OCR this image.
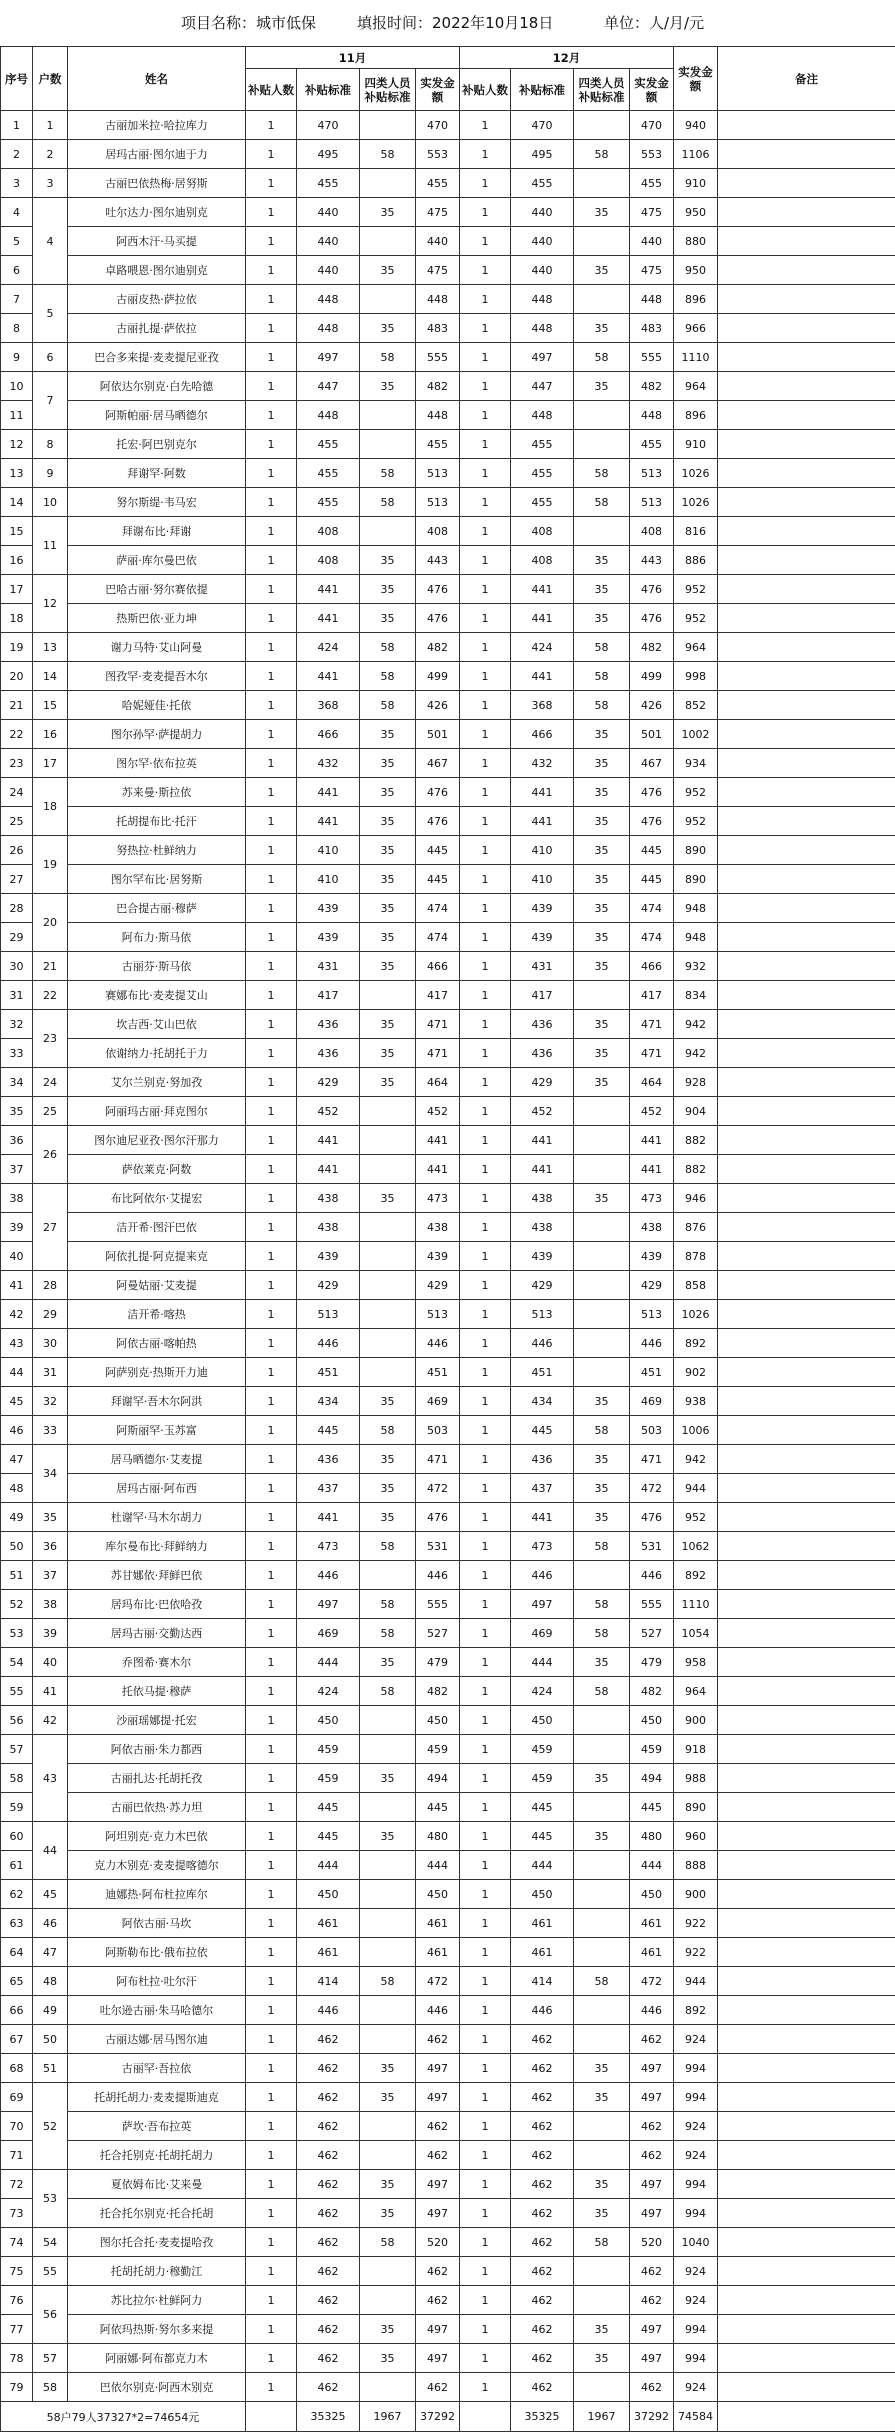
项目名称：城市低保	填报时间：2022年10月18日	单位：人/月/元
序号	户数	姓名	11月				12月				实发金额	备注
			补贴人数	补贴标准	四类人员补贴标准	实发金额	补贴人数	补贴标准	四类人员补贴标准	实发金额		
1	1	古丽加米拉·哈拉库力	1	470		470	1	470		470	940	
2	2	居玛古丽·图尔迪于力	1	495	58	553	1	495	58	553	1106	
3	3	古丽巴依热梅·居努斯	1	455		455	1	455		455	910	
4	4	吐尔达力·图尔迪别克	1	440	35	475	1	440	35	475	950	
5		阿西木汗·马买提	1	440		440	1	440		440	880	
6		卓路喂恩·图尔迪别克	1	440	35	475	1	440	35	475	950	
7	5	古丽皮热·萨拉依	1	448		448	1	448		448	896	
8		古丽扎提·萨依拉	1	448	35	483	1	448	35	483	966	
9	6	巴合多来提·麦麦提尼亚孜	1	497	58	555	1	497	58	555	1110	
10	7	阿依达尔别克·白先哈德	1	447	35	482	1	447	35	482	964	
11		阿斯帕丽·居马晒德尔	1	448		448	1	448		448	896	
12	8	托宏·阿巴别克尔	1	455		455	1	455		455	910	
13	9	拜谢罕·阿数	1	455	58	513	1	455	58	513	1026	
14	10	努尔斯缇·韦马宏	1	455	58	513	1	455	58	513	1026	
15	11	拜谢布比·拜谢	1	408		408	1	408		408	816	
16		萨丽·库尔曼巴依	1	408	35	443	1	408	35	443	886	
17	12	巴哈古丽·努尔赛依提	1	441	35	476	1	441	35	476	952	
18		热斯巴依·亚力坤	1	441	35	476	1	441	35	476	952	
19	13	谢力马特·艾山阿曼	1	424	58	482	1	424	58	482	964	
20	14	图孜罕·麦麦提吾木尔	1	441	58	499	1	441	58	499	998	
21	15	哈妮娅佳·托依	1	368	58	426	1	368	58	426	852	
22	16	图尔孙罕·萨提胡力	1	466	35	501	1	466	35	501	1002	
23	17	图尔罕·依布拉英	1	432	35	467	1	432	35	467	934	
24	18	苏来曼·斯拉依	1	441	35	476	1	441	35	476	952	
25		托胡提布比·托汗	1	441	35	476	1	441	35	476	952	
26	19	努热拉·杜鲜纳力	1	410	35	445	1	410	35	445	890	
27		图尔罕布比·居努斯	1	410	35	445	1	410	35	445	890	
28	20	巴合提古丽·穆萨	1	439	35	474	1	439	35	474	948	
29		阿布力·斯马依	1	439	35	474	1	439	35	474	948	
30	21	古丽芬·斯马依	1	431	35	466	1	431	35	466	932	
31	22	赛娜布比·麦麦提艾山	1	417		417	1	417		417	834	
32	23	坎吉西·艾山巴依	1	436	35	471	1	436	35	471	942	
33		依谢纳力·托胡托于力	1	436	35	471	1	436	35	471	942	
34	24	艾尔兰别克·努加孜	1	429	35	464	1	429	35	464	928	
35	25	阿丽玛古丽·拜克图尔	1	452		452	1	452		452	904	
36	26	图尔迪尼亚孜·图尔汗那力	1	441		441	1	441		441	882	
37		萨依莱克·阿数	1	441		441	1	441		441	882	
38	27	布比阿依尔·艾提宏	1	438	35	473	1	438	35	473	946	
39		洁开希·图汗巴依	1	438		438	1	438		438	876	
40		阿依扎提·阿克提来克	1	439		439	1	439		439	878	
41	28	阿曼姑丽·艾麦提	1	429		429	1	429		429	858	
42	29	洁开希·喀热	1	513		513	1	513		513	1026	
43	30	阿依古丽·喀帕热	1	446		446	1	446		446	892	
44	31	阿萨别克·热斯开力迪	1	451		451	1	451		451	902	
45	32	拜谢罕·吾木尔阿洪	1	434	35	469	1	434	35	469	938	
46	33	阿斯丽罕·玉苏富	1	445	58	503	1	445	58	503	1006	
47	34	居马晒德尔·艾麦提	1	436	35	471	1	436	35	471	942	
48		居玛古丽·阿布西	1	437	35	472	1	437	35	472	944	
49	35	杜谢罕·马木尔胡力	1	441	35	476	1	441	35	476	952	
50	36	库尔曼布比·拜鲜纳力	1	473	58	531	1	473	58	531	1062	
51	37	苏甘娜依·拜鲜巴依	1	446		446	1	446		446	892	
52	38	居玛布比·巴依哈孜	1	497	58	555	1	497	58	555	1110	
53	39	居玛古丽·交勤达西	1	469	58	527	1	469	58	527	1054	
54	40	乔图希·赛木尔	1	444	35	479	1	444	35	479	958	
55	41	托依马提·穆萨	1	424	58	482	1	424	58	482	964	
56	42	沙丽瑶娜提·托宏	1	450		450	1	450		450	900	
57	43	阿依古丽·朱力都西	1	459		459	1	459		459	918	
58		古丽扎达·托胡托孜	1	459	35	494	1	459	35	494	988	
59		古丽巴依热·苏力坦	1	445		445	1	445		445	890	
60	44	阿坦别克·克力木巴依	1	445	35	480	1	445	35	480	960	
61		克力木别克·麦麦提喀德尔	1	444		444	1	444		444	888	
62	45	迪娜热·阿布杜拉库尔	1	450		450	1	450		450	900	
63	46	阿依古丽·马坎	1	461		461	1	461		461	922	
64	47	阿斯勒布比·俄布拉依	1	461		461	1	461		461	922	
65	48	阿布杜拉·吐尔汗	1	414	58	472	1	414	58	472	944	
66	49	吐尔逊古丽·朱马哈德尔	1	446		446	1	446		446	892	
67	50	古丽达娜·居马图尔迪	1	462		462	1	462		462	924	
68	51	古丽罕·吾拉依	1	462	35	497	1	462	35	497	994	
69	52	托胡托胡力·麦麦提斯迪克	1	462	35	497	1	462	35	497	994	
70		萨坎·吾布拉英	1	462		462	1	462		462	924	
71		托合托别克·托胡托胡力	1	462		462	1	462		462	924	
72	53	夏依姆布比·艾来曼	1	462	35	497	1	462	35	497	994	
73		托合托尔别克·托合托胡	1	462	35	497	1	462	35	497	994	
74	54	图尔托合托·麦麦提哈孜	1	462	58	520	1	462	58	520	1040	
75	55	托胡托胡力·穆勤江	1	462		462	1	462		462	924	
76	56	苏比拉尔·杜鲜阿力	1	462		462	1	462		462	924	
77		阿依玛热斯·努尔多来提	1	462	35	497	1	462	35	497	994	
78	57	阿丽娜·阿布都克力木	1	462	35	497	1	462	35	497	994	
79	58	巴依尔别克·阿西木别克	1	462		462	1	462		462	924	
58户79人37327*2=74654元				35325	1967	37292		35325	1967	37292	74584	
